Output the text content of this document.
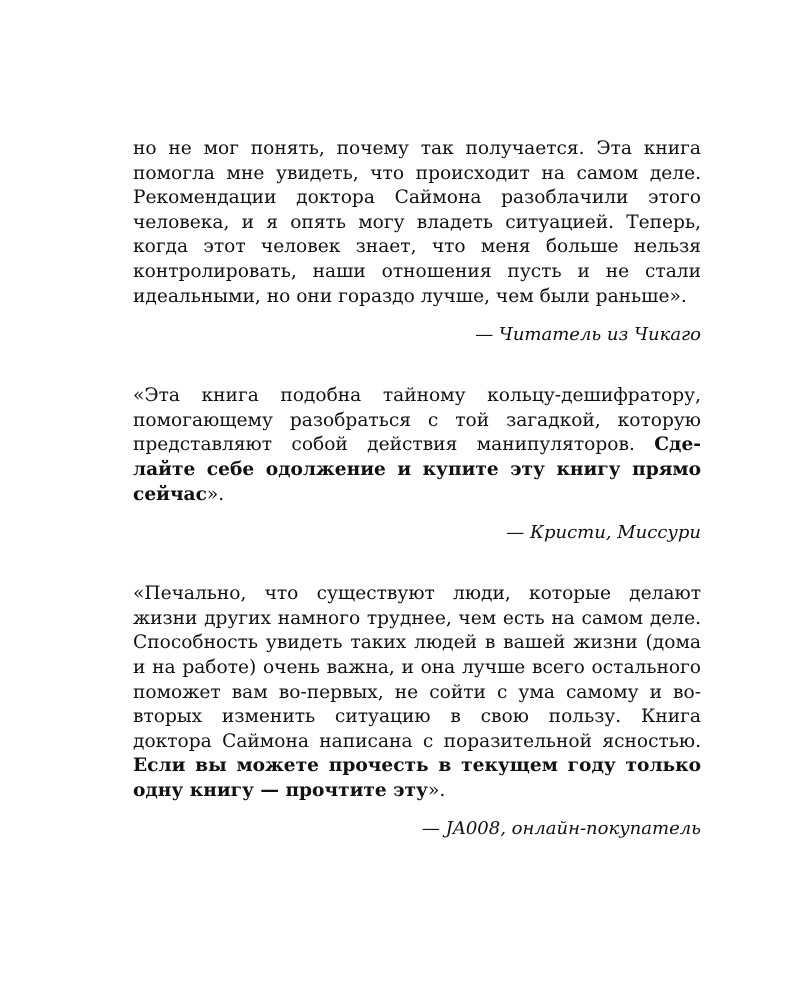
но не мог понять, почему так получается. Эта книга помогла мне увидеть, что происходит на самом деле. Рекомендации доктора Саймона разоблачили этого человека, и я опять могу владеть ситуацией. Теперь, когда этот человек знает, что меня больше нельзя контролировать, наши отношения пусть и не стали идеальными, но они гораздо лучше, чем были раньше».

— Читатель из Чикаго

«Эта книга подобна тайному кольцу-дешифратору, помогающему разобраться с той загадкой, которую представляют собой действия манипуляторов. Сделайте себе одолжение и купите эту книгу прямо сейчас».

— Кристи, Миссури

«Печально, что существуют люди, которые делают жизни других намного труднее, чем есть на самом деле. Способность увидеть таких людей в вашей жизни (дома и на работе) очень важна, и она лучше всего остального поможет вам во-первых, не сойти с ума самому и во-вторых изменить ситуацию в свою пользу. Книга доктора Саймона написана с поразительной ясностью. Если вы можете прочесть в текущем году только одну книгу — прочтите эту».

— JA008, онлайн-покупатель
